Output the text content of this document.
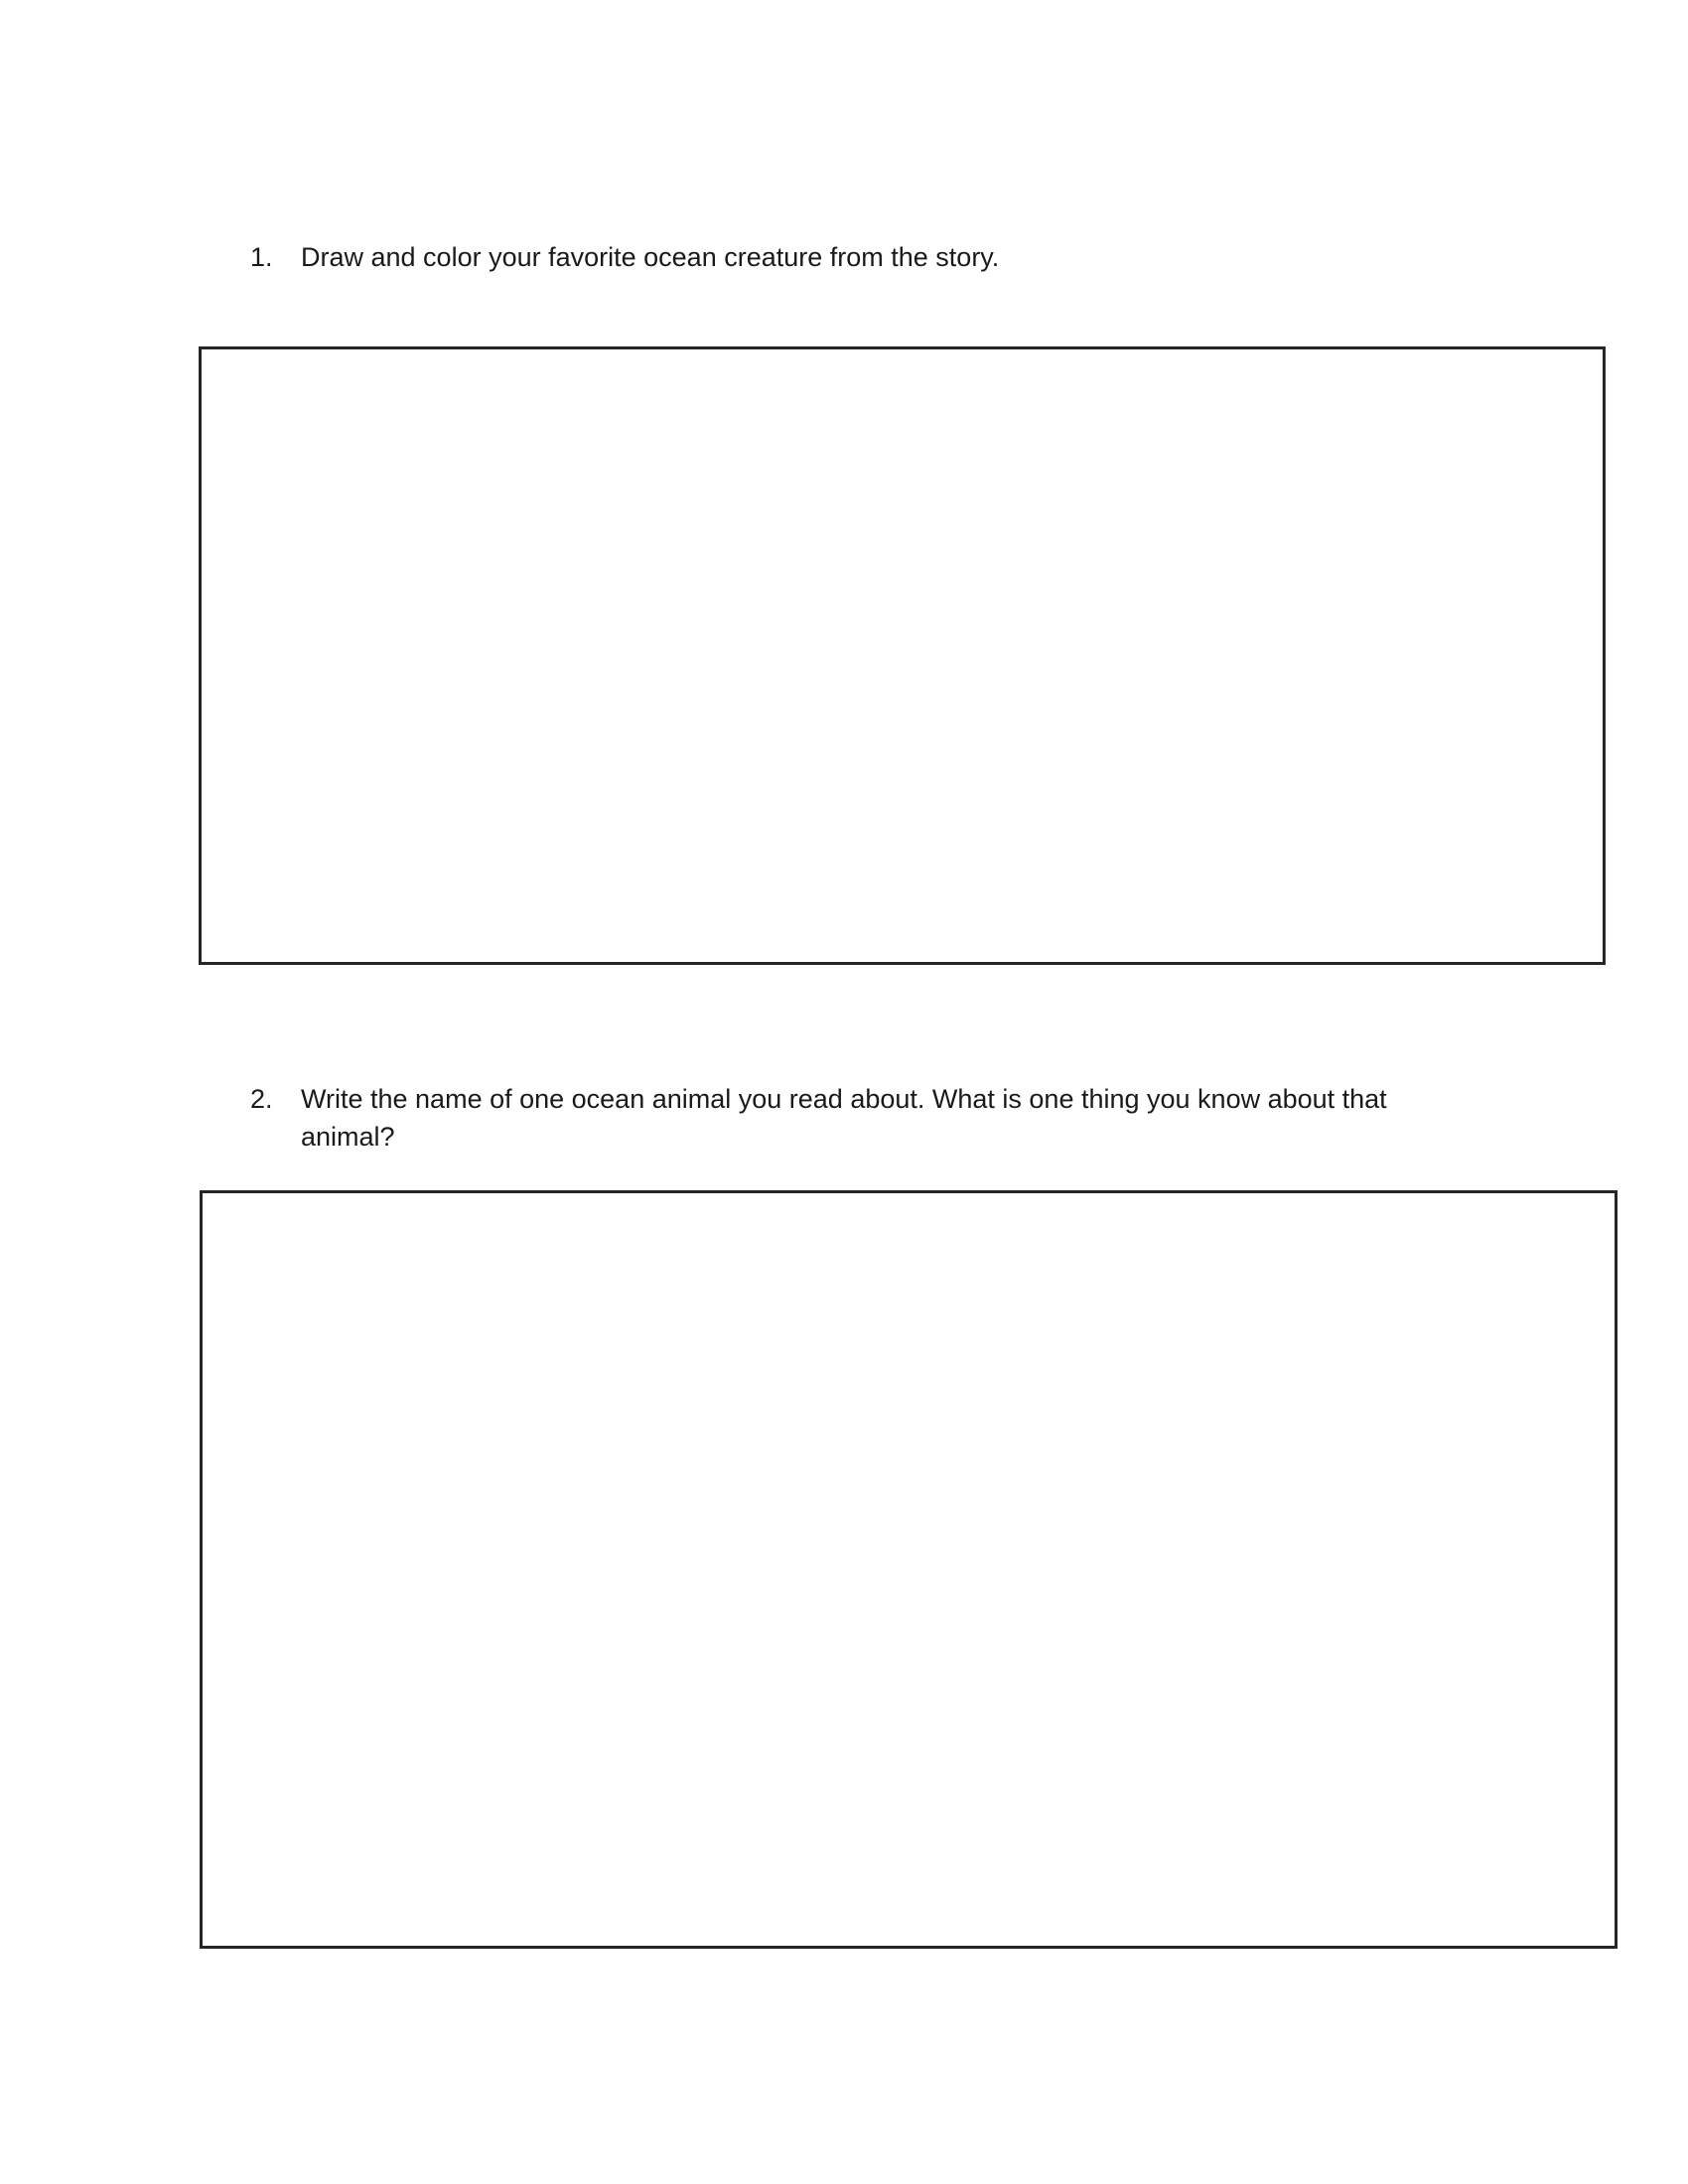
1.	Draw and color your favorite ocean creature from the story.
2.	Write the name of one ocean animal you read about. What is one thing you know about that
animal?
